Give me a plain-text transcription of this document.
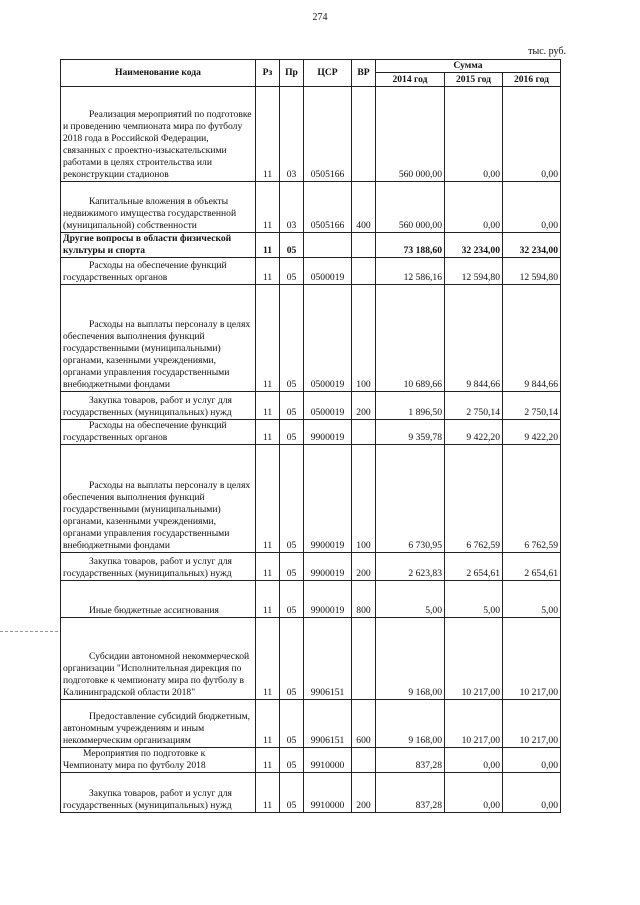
274
тыс. руб.
Наименование кода	Рз	Пр	ЦСР	ВР	Сумма		
					2014 год	2015 год	2016 год
Реализация мероприятий по подготовке и проведению чемпионата мира по футболу 2018 года в Российской Федерации, связанных с проектно-изыскательскими работами в целях строительства или реконструкции стадионов	11	03	0505166		560 000,00	0,00	0,00
Капитальные вложения в объекты недвижимого имущества государственной (муниципальной) собственности	11	03	0505166	400	560 000,00	0,00	0,00
Другие вопросы в области физической культуры и спорта	11	05			73 188,60	32 234,00	32 234,00
Расходы на обеспечение функций государственных органов	11	05	0500019		12 586,16	12 594,80	12 594,80
Расходы на выплаты персоналу в целях обеспечения выполнения функций государственными (муниципальными) органами, казенными учреждениями, органами управления государственными внебюджетными фондами	11	05	0500019	100	10 689,66	9 844,66	9 844,66
Закупка товаров, работ и услуг для государственных (муниципальных) нужд	11	05	0500019	200	1 896,50	2 750,14	2 750,14
Расходы на обеспечение функций государственных органов	11	05	9900019		9 359,78	9 422,20	9 422,20
Расходы на выплаты персоналу в целях обеспечения выполнения функций государственными (муниципальными) органами, казенными учреждениями, органами управления государственными внебюджетными фондами	11	05	9900019	100	6 730,95	6 762,59	6 762,59
Закупка товаров, работ и услуг для государственных (муниципальных) нужд	11	05	9900019	200	2 623,83	2 654,61	2 654,61
Иные бюджетные ассигнования	11	05	9900019	800	5,00	5,00	5,00
Субсидии автономной некоммерческой организации "Исполнительная дирекция по подготовке к чемпионату мира по футболу в Калининградской области 2018"	11	05	9906151		9 168,00	10 217,00	10 217,00
Предоставление субсидий бюджетным, автономным учреждениям и иным некоммерческим организациям	11	05	9906151	600	9 168,00	10 217,00	10 217,00
Мероприятия по подготовке к Чемпионату мира по футболу 2018	11	05	9910000		837,28	0,00	0,00
Закупка товаров, работ и услуг для государственных (муниципальных) нужд	11	05	9910000	200	837,28	0,00	0,00
